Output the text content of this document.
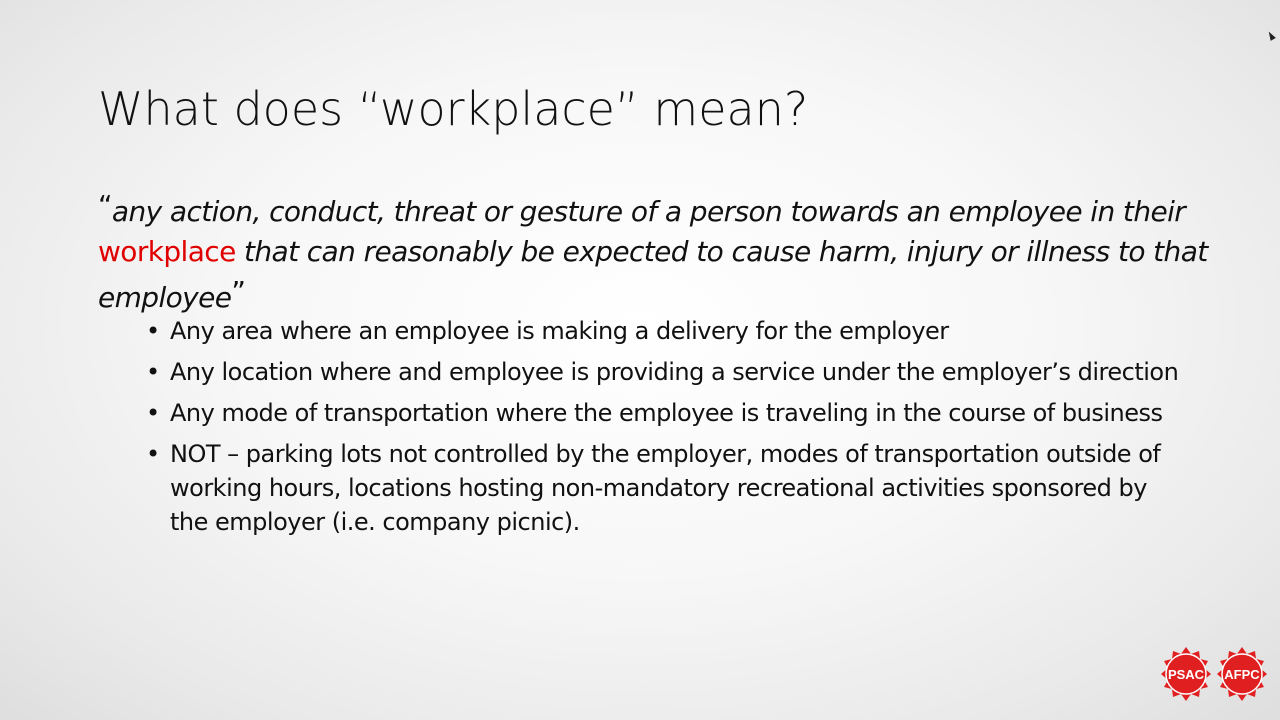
What does “workplace” mean?

“any action, conduct, threat or gesture of a person towards an employee in their workplace that can reasonably be expected to cause harm, injury or illness to that employee”

• Any area where an employee is making a delivery for the employer
• Any location where and employee is providing a service under the employer’s direction
• Any mode of transportation where the employee is traveling in the course of business
• NOT – parking lots not controlled by the employer, modes of transportation outside of working hours, locations hosting non-mandatory recreational activities sponsored by the employer (i.e. company picnic).
PSAC AFPC
